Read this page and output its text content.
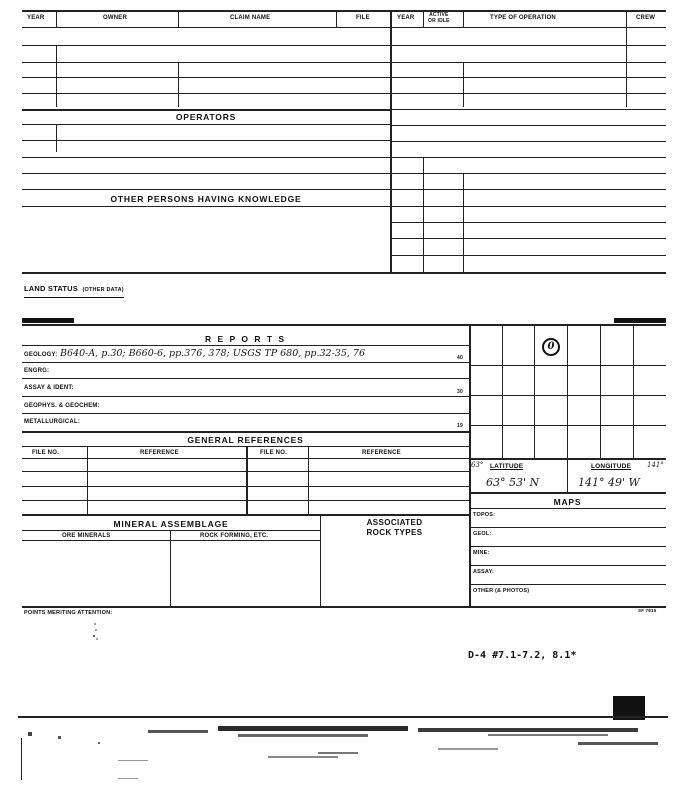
YEAR	OWNER	CLAIM NAME	FILE	YEAR	ACTIVE
OR IDLE	TYPE OF OPERATION	CREW
OPERATORS
OTHER PERSONS HAVING KNOWLEDGE
LAND STATUS (OTHER DATA)
R E P O R T S
GEOLOGY: B640-A, p.30; B660-6, pp.376, 378; USGS TP 680, pp.32-35, 76	40
ENGRG:
ASSAY & IDENT:
30
GEOPHYS. & GEOCHEM:
METALLURGICAL:
19
GENERAL REFERENCES
FILE NO.	REFERENCE	FILE NO.	REFERENCE
MINERAL ASSEMBLAGE
ORE MINERALS	ROCK FORMING, ETC.
ASSOCIATED
ROCK TYPES
0
63° LATITUDE	LONGITUDE 141°
63° 53' N	141° 49' W
MAPS
TOPOS:
GEOL:
MINE:
ASSAY:
OTHER (& PHOTOS)
POINTS MERITING ATTENTION:	SF 7815
D-4 #7.1-7.2, 8.1*
